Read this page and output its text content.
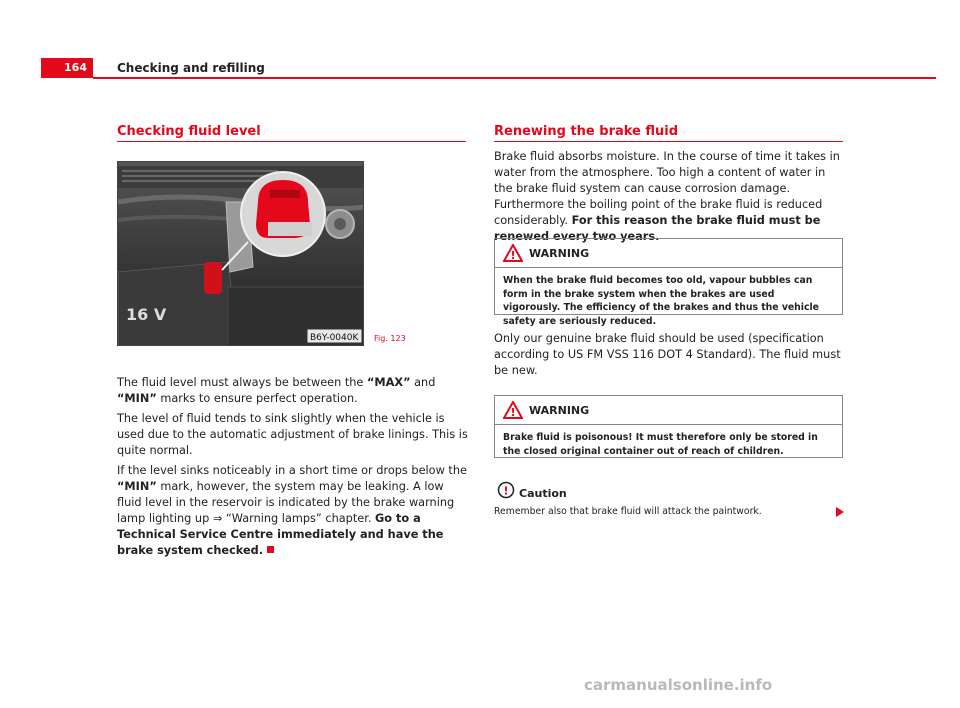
164	Checking and refilling
Checking fluid level
16 V
B6Y-0040K Fig. 123

The fluid level must always be between the “MAX” and “MIN” marks to ensure perfect operation.

The level of fluid tends to sink slightly when the vehicle is used due to the automatic adjustment of brake linings. This is quite normal.

If the level sinks noticeably in a short time or drops below the “MIN” mark, however, the system may be leaking. A low fluid level in the reservoir is indicated by the brake warning lamp lighting up ⇒ “Warning lamps” chapter. Go to a Technical Service Centre immediately and have the brake system checked.

Renewing the brake fluid

Brake fluid absorbs moisture. In the course of time it takes in water from the atmosphere. Too high a content of water in the brake fluid system can cause corrosion damage. Furthermore the boiling point of the brake fluid is reduced considerably. For this reason the brake fluid must be renewed every two years.

! WARNING
When the brake fluid becomes too old, vapour bubbles can form in the brake system when the brakes are used vigorously. The efficiency of the brakes and thus the vehicle safety are seriously reduced.

Only our genuine brake fluid should be used (specification according to US FM VSS 116 DOT 4 Standard). The fluid must be new.

! WARNING
Brake fluid is poisonous! It must therefore only be stored in the closed original container out of reach of children.
! Caution
Remember also that brake fluid will attack the paintwork.
carmanualsonline.info
